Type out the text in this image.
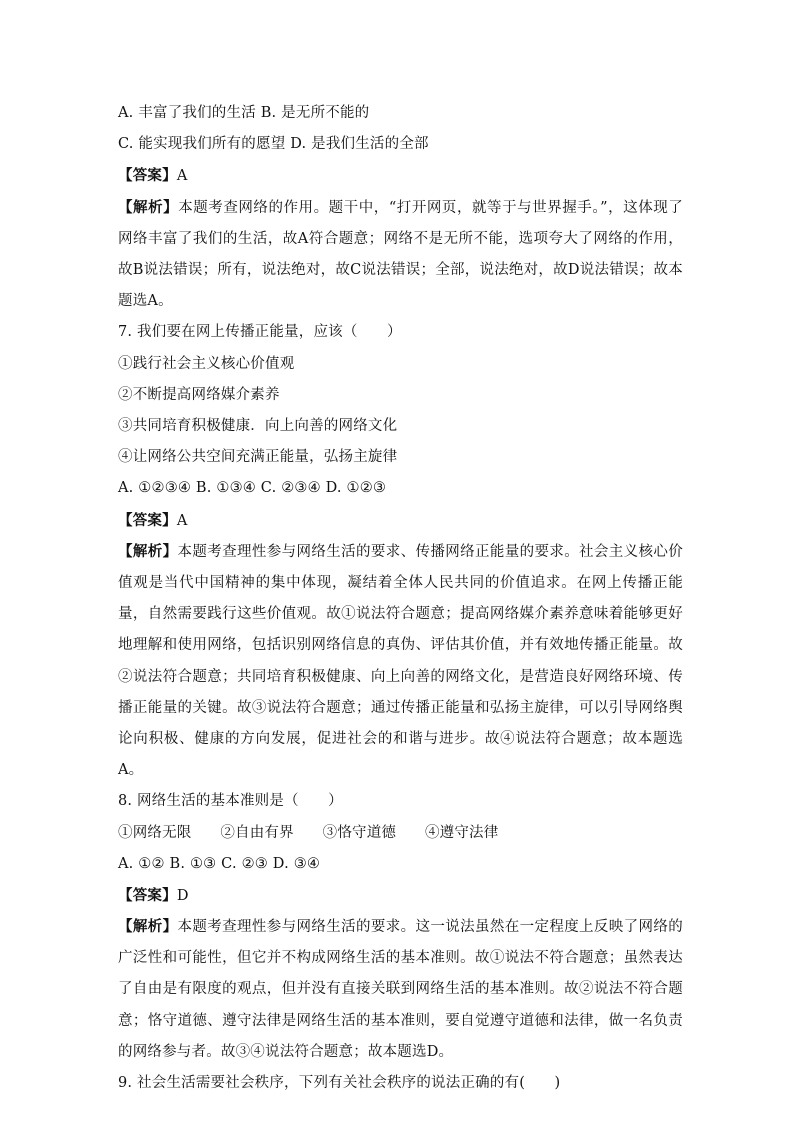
A. 丰富了我们的生活 B. 是无所不能的
C. 能实现我们所有的愿望 D. 是我们生活的全部
【答案】A
【解析】本题考查网络的作用。题干中，“打开网页，就等于与世界握手。”，这体现了网络丰富了我们的生活，故A符合题意；网络不是无所不能，选项夸大了网络的作用，故B说法错误；所有，说法绝对，故C说法错误；全部，说法绝对，故D说法错误；故本题选A。
7. 我们要在网上传播正能量，应该（　　）
①践行社会主义核心价值观
②不断提高网络媒介素养
③共同培育积极健康．向上向善的网络文化
④让网络公共空间充满正能量，弘扬主旋律
A. ①②③④ B. ①③④ C. ②③④ D. ①②③
【答案】A
【解析】本题考查理性参与网络生活的要求、传播网络正能量的要求。社会主义核心价值观是当代中国精神的集中体现，凝结着全体人民共同的价值追求。在网上传播正能量，自然需要践行这些价值观。故①说法符合题意；提高网络媒介素养意味着能够更好地理解和使用网络，包括识别网络信息的真伪、评估其价值，并有效地传播正能量。故②说法符合题意；共同培育积极健康、向上向善的网络文化，是营造良好网络环境、传播正能量的关键。故③说法符合题意；通过传播正能量和弘扬主旋律，可以引导网络舆论向积极、健康的方向发展，促进社会的和谐与进步。故④说法符合题意；故本题选A。
8. 网络生活的基本准则是（　　）
①网络无限 ②自由有界 ③恪守道德 ④遵守法律
A. ①② B. ①③ C. ②③ D. ③④
【答案】D
【解析】本题考查理性参与网络生活的要求。这一说法虽然在一定程度上反映了网络的广泛性和可能性，但它并不构成网络生活的基本准则。故①说法不符合题意；虽然表达了自由是有限度的观点，但并没有直接关联到网络生活的基本准则。故②说法不符合题意；恪守道德、遵守法律是网络生活的基本准则，要自觉遵守道德和法律，做一名负责的网络参与者。故③④说法符合题意；故本题选D。
9. 社会生活需要社会秩序，下列有关社会秩序的说法正确的有(　　)
